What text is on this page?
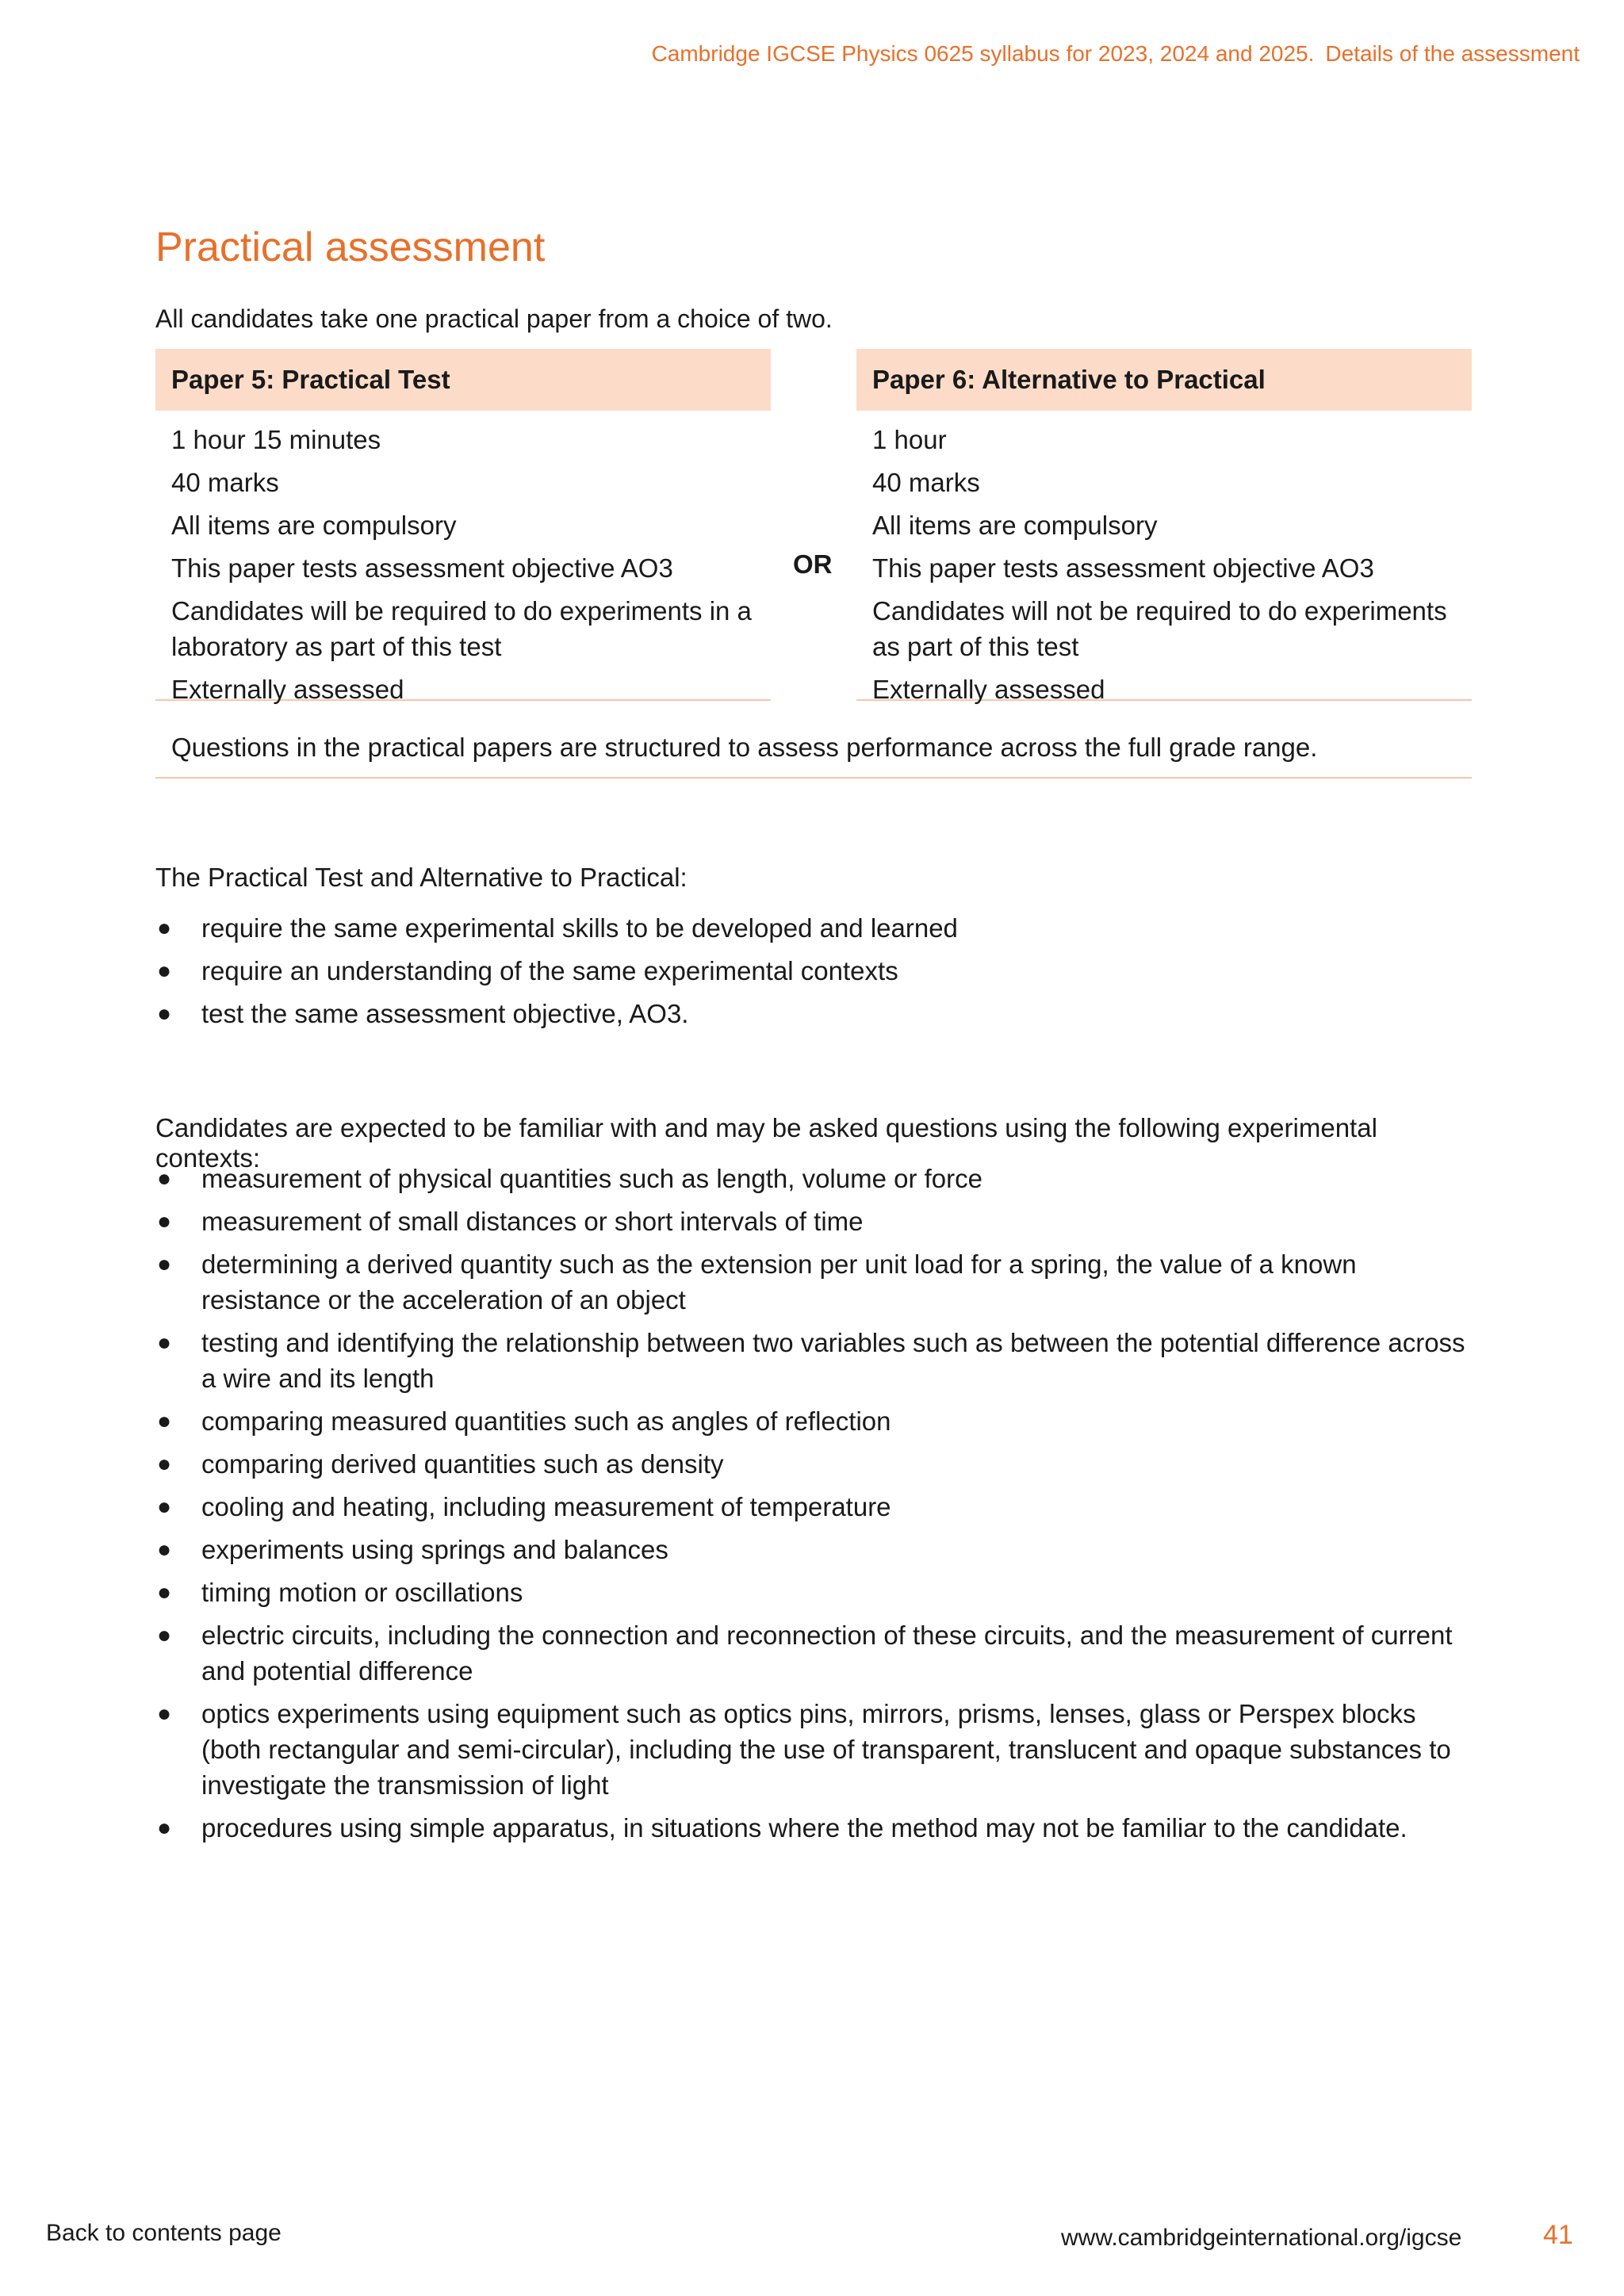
Cambridge IGCSE Physics 0625 syllabus for 2023, 2024 and 2025. Details of the assessment
Practical assessment

All candidates take one practical paper from a choice of two.

Paper 5: Practical Test
1 hour 15 minutes
40 marks
All items are compulsory
This paper tests assessment objective AO3
Candidates will be required to do experiments in a laboratory as part of this test
Externally assessed
OR
Paper 6: Alternative to Practical
1 hour
40 marks
All items are compulsory
This paper tests assessment objective AO3
Candidates will not be required to do experiments as part of this test
Externally assessed
Questions in the practical papers are structured to assess performance across the full grade range.

The Practical Test and Alternative to Practical:

● require the same experimental skills to be developed and learned
● require an understanding of the same experimental contexts
● test the same assessment objective, AO3.

Candidates are expected to be familiar with and may be asked questions using the following experimental contexts:

● measurement of physical quantities such as length, volume or force
● measurement of small distances or short intervals of time
● determining a derived quantity such as the extension per unit load for a spring, the value of a known resistance or the acceleration of an object
● testing and identifying the relationship between two variables such as between the potential difference across a wire and its length
● comparing measured quantities such as angles of reflection
● comparing derived quantities such as density
● cooling and heating, including measurement of temperature
● experiments using springs and balances
● timing motion or oscillations
● electric circuits, including the connection and reconnection of these circuits, and the measurement of current and potential difference
● optics experiments using equipment such as optics pins, mirrors, prisms, lenses, glass or Perspex blocks (both rectangular and semi-circular), including the use of transparent, translucent and opaque substances to investigate the transmission of light
● procedures using simple apparatus, in situations where the method may not be familiar to the candidate.
Back to contents page	www.cambridgeinternational.org/igcse	41
